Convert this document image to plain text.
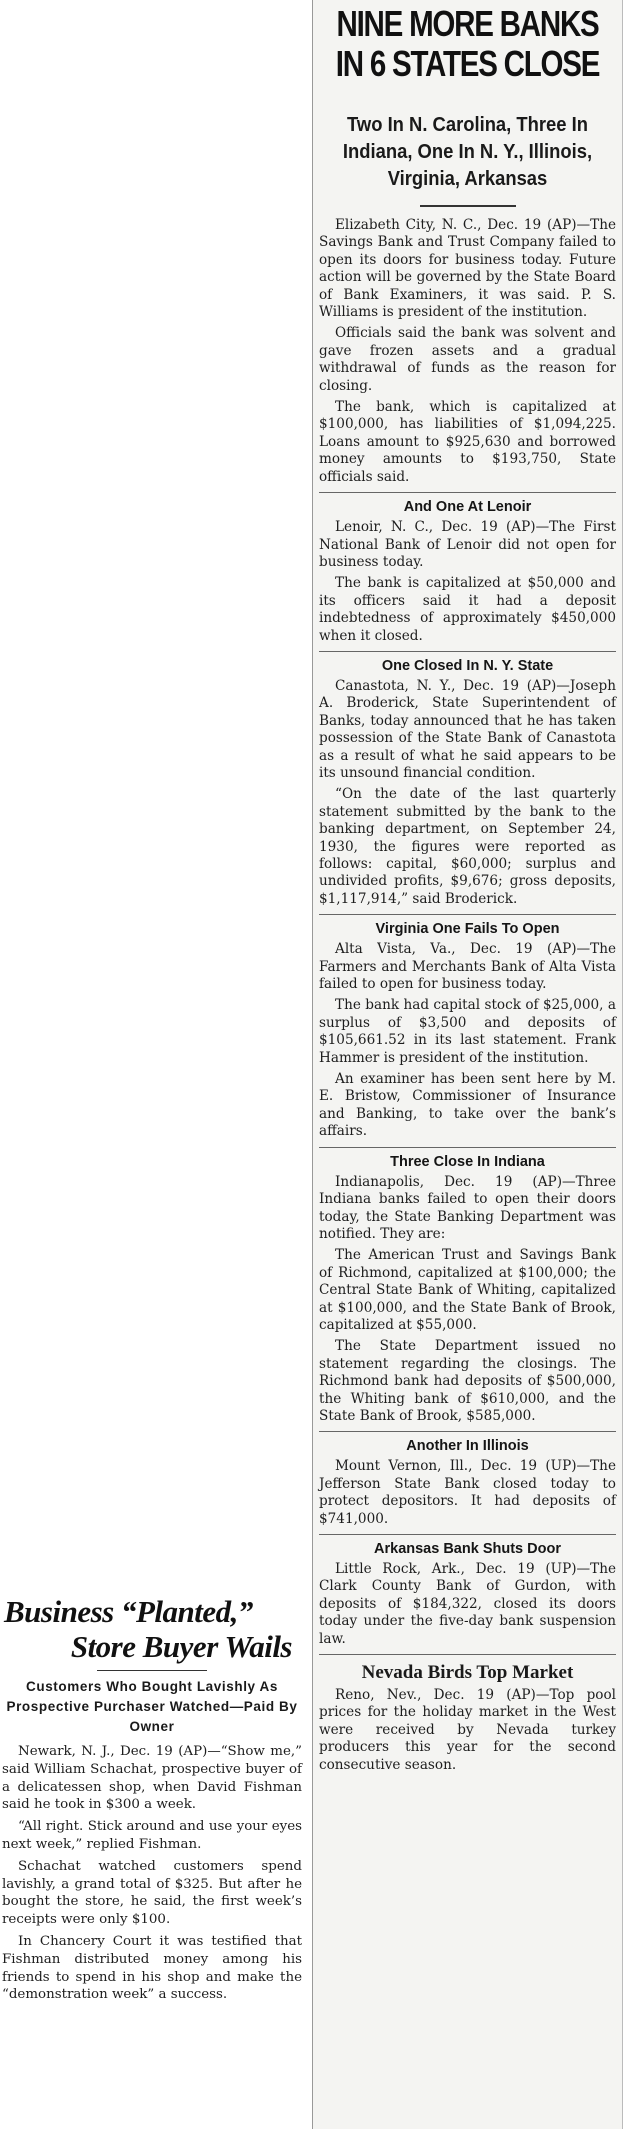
NINE MORE BANKS
IN 6 STATES CLOSE
Two In N. Carolina, Three In Indiana, One In N. Y., Illinois, Virginia, Arkansas

Elizabeth City, N. C., Dec. 19 (AP)—The Savings Bank and Trust Company failed to open its doors for business today. Future action will be governed by the State Board of Bank Examiners, it was said. P. S. Williams is president of the institution.

Officials said the bank was solvent and gave frozen assets and a gradual withdrawal of funds as the reason for closing.

The bank, which is capitalized at $100,000, has liabilities of $1,094,225. Loans amount to $925,630 and borrowed money amounts to $193,750, State officials said.

And One At Lenoir

Lenoir, N. C., Dec. 19 (AP)—The First National Bank of Lenoir did not open for business today.

The bank is capitalized at $50,000 and its officers said it had a deposit indebtedness of approximately $450,000 when it closed.

One Closed In N. Y. State

Canastota, N. Y., Dec. 19 (AP)—Joseph A. Broderick, State Superintendent of Banks, today announced that he has taken possession of the State Bank of Canastota as a result of what he said appears to be its unsound financial condition.

“On the date of the last quarterly statement submitted by the bank to the banking department, on September 24, 1930, the figures were reported as follows: capital, $60,000; surplus and undivided profits, $9,676; gross deposits, $1,117,914,” said Broderick.

Virginia One Fails To Open

Alta Vista, Va., Dec. 19 (AP)—The Farmers and Merchants Bank of Alta Vista failed to open for business today.

The bank had capital stock of $25,000, a surplus of $3,500 and deposits of $105,661.52 in its last statement. Frank Hammer is president of the institution.

An examiner has been sent here by M. E. Bristow, Commissioner of Insurance and Banking, to take over the bank’s affairs.

Three Close In Indiana

Indianapolis, Dec. 19 (AP)—Three Indiana banks failed to open their doors today, the State Banking Department was notified. They are:

The American Trust and Savings Bank of Richmond, capitalized at $100,000; the Central State Bank of Whiting, capitalized at $100,000, and the State Bank of Brook, capitalized at $55,000.

The State Department issued no statement regarding the closings. The Richmond bank had deposits of $500,000, the Whiting bank of $610,000, and the State Bank of Brook, $585,000.

Another In Illinois

Mount Vernon, Ill., Dec. 19 (UP)—The Jefferson State Bank closed today to protect depositors. It had deposits of $741,000.

Arkansas Bank Shuts Door

Little Rock, Ark., Dec. 19 (UP)—The Clark County Bank of Gurdon, with deposits of $184,322, closed its doors today under the five-day bank suspension law.

Nevada Birds Top Market

Reno, Nev., Dec. 19 (AP)—Top pool prices for the holiday market in the West were received by Nevada turkey producers this year for the second consecutive season.

Business “Planted,”
Store Buyer Wails
Customers Who Bought Lavishly As Prospective Purchaser Watched—Paid By Owner

Newark, N. J., Dec. 19 (AP)—“Show me,” said William Schachat, prospective buyer of a delicatessen shop, when David Fishman said he took in $300 a week.

“All right. Stick around and use your eyes next week,” replied Fishman.

Schachat watched customers spend lavishly, a grand total of $325. But after he bought the store, he said, the first week’s receipts were only $100.

In Chancery Court it was testified that Fishman distributed money among his friends to spend in his shop and make the “demonstration week” a success.
